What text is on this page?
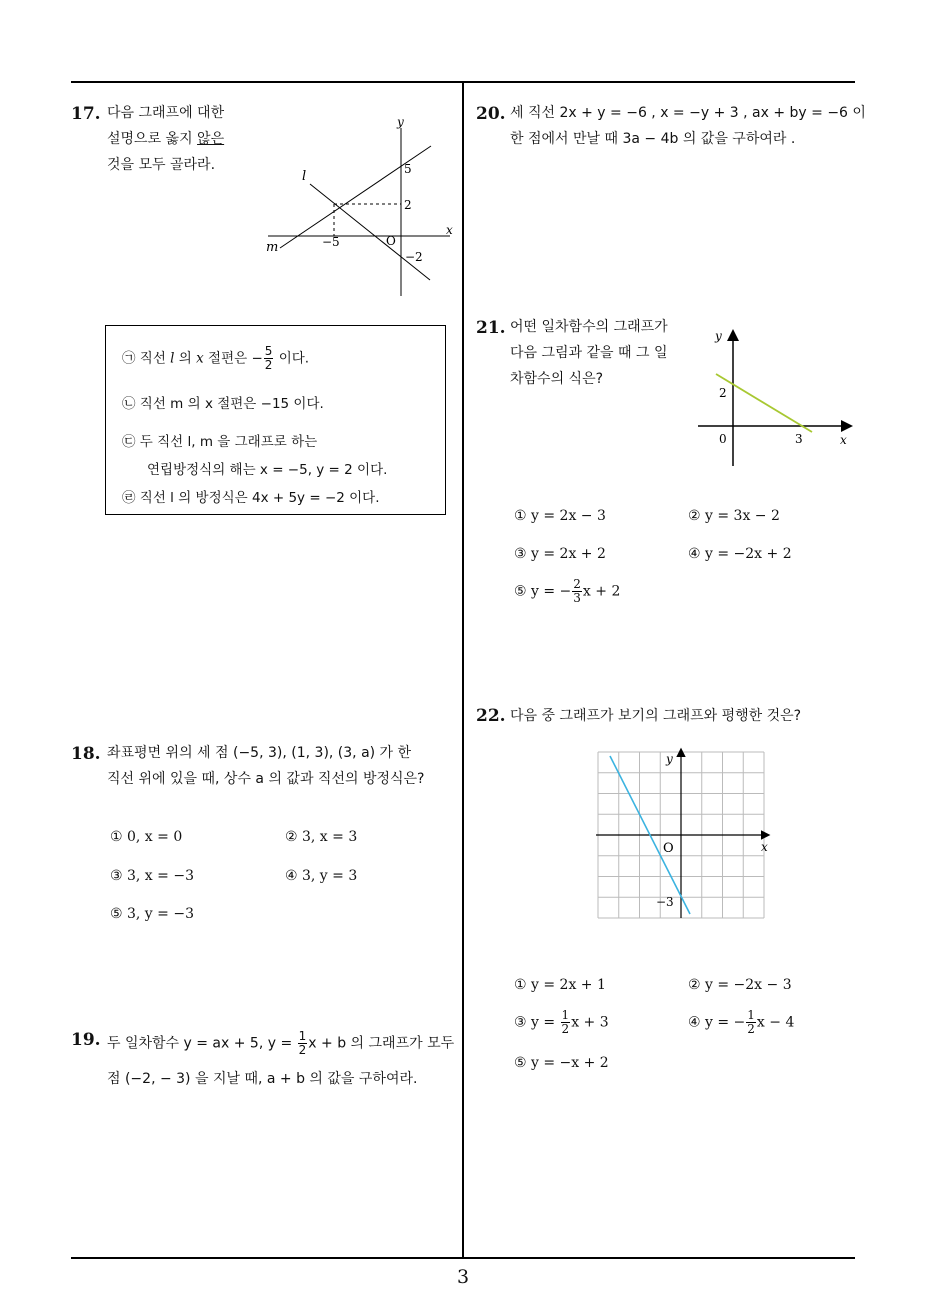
17. 다음 그래프에 대한
설명으로 옳지 않은
것을 모두 골라라.
y
x
l
m
5
2
−2
−5	O
㉠ 직선 l 의 x 절편은 − $\frac{5}{2}$ 이다.
㉡ 직선 m 의 x 절편은 −15 이다.
㉢ 두 직선 l, m 을 그래프로 하는
연립방정식의 해는 x = −5, y = 2 이다.
㉣ 직선 l 의 방정식은 4x + 5y = −2 이다.
18. 좌표평면 위의 세 점 (−5, 3), (1, 3), (3, a) 가 한
직선 위에 있을 때, 상수 a 의 값과 직선의 방정식은?
① 0, x = 0	② 3, x = 3
③ 3, x = −3	④ 3, y = 3
⑤ 3, y = −3
19. 두 일차함수 y = ax + 5, $y = \frac{1}{2}$ x + b 의 그래프가 모두
점 (−2, − 3) 을 지날 때, a + b 의 값을 구하여라.
20. 세 직선 2x + y = −6 , x = −y + 3 , ax + by = −6 이
한 점에서 만날 때 3a − 4b 의 값을 구하여라 .
21. 어떤 일차함수의 그래프가
다음 그림과 같을 때 그 일
차함수의 식은?
y
x
0
2
3
① y = 2x − 3	② y = 3x − 2
③ y = 2x + 2	④ y = −2x + 2
⑤ y = − $\frac{2}{3}$ x + 2
22. 다음 중 그래프가 보기의 그래프와 평행한 것은?
y
x
O
−3
① y = 2x + 1	② y = −2x − 3
③ $y = \frac{1}{2}$ x + 3	④ y = − $\frac{1}{2}$ x − 4
⑤ y = −x + 2
3
